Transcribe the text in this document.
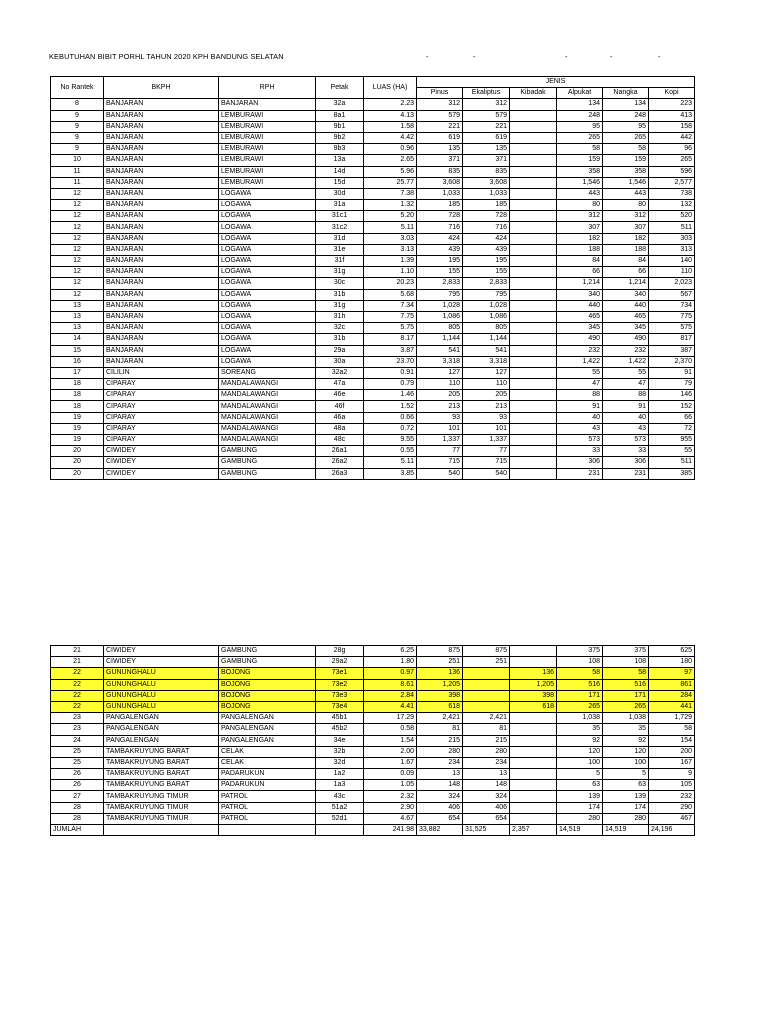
KEBUTUHAN BIBIT PORHL TAHUN 2020 KPH BANDUNG SELATAN	-	-	-	-	-
No Rantek	BKPH	RPH	Petak	LUAS (HA)	JENIS					
					Pinus	Ekaliptus	Kibadak	Alpukat	Nangka	Kopi
8	BANJARAN	BANJARAN	32a	2.23	312	312		134	134	223
9	BANJARAN	LEMBURAWI	8a1	4.13	579	579		248	248	413
9	BANJARAN	LEMBURAWI	9b1	1.58	221	221		95	95	158
9	BANJARAN	LEMBURAWI	9b2	4.42	619	619		265	265	442
9	BANJARAN	LEMBURAWI	9b3	0.96	135	135		58	58	96
10	BANJARAN	LEMBURAWI	13a	2.65	371	371		159	159	265
11	BANJARAN	LEMBURAWI	14d	5.96	835	835		358	358	596
11	BANJARAN	LEMBURAWI	15d	25.77	3,608	3,608		1,546	1,546	2,577
12	BANJARAN	LOGAWA	30d	7.38	1,033	1,033		443	443	738
12	BANJARAN	LOGAWA	31a	1.32	185	185		80	80	132
12	BANJARAN	LOGAWA	31c1	5.20	728	728		312	312	520
12	BANJARAN	LOGAWA	31c2	5.11	716	716		307	307	511
12	BANJARAN	LOGAWA	31d	3.03	424	424		182	182	303
12	BANJARAN	LOGAWA	31e	3.13	439	439		188	188	313
12	BANJARAN	LOGAWA	31f	1.39	195	195		84	84	140
12	BANJARAN	LOGAWA	31g	1.10	155	155		66	66	110
12	BANJARAN	LOGAWA	30c	20.23	2,833	2,833		1,214	1,214	2,023
12	BANJARAN	LOGAWA	31b	5.68	795	795		340	340	567
13	BANJARAN	LOGAWA	31g	7.34	1,028	1,028		440	440	734
13	BANJARAN	LOGAWA	31h	7.75	1,086	1,086		465	465	775
13	BANJARAN	LOGAWA	32c	5.75	805	805		345	345	575
14	BANJARAN	LOGAWA	31b	8.17	1,144	1,144		490	490	817
15	BANJARAN	LOGAWA	29a	3.87	541	541		232	232	387
16	BANJARAN	LOGAWA	30a	23.70	3,318	3,318		1,422	1,422	2,370
17	CILILIN	SOREANG	32a2	0.91	127	127		55	55	91
18	CIPARAY	MANDALAWANGI	47a	0.79	110	110		47	47	79
18	CIPARAY	MANDALAWANGI	46e	1.46	205	205		88	88	146
18	CIPARAY	MANDALAWANGI	46f	1.52	213	213		91	91	152
19	CIPARAY	MANDALAWANGI	46a	0.66	93	93		40	40	66
19	CIPARAY	MANDALAWANGI	48a	0.72	101	101		43	43	72
19	CIPARAY	MANDALAWANGI	48c	9.55	1,337	1,337		573	573	955
20	CIWIDEY	GAMBUNG	26a1	0.55	77	77		33	33	55
20	CIWIDEY	GAMBUNG	26a2	5.11	715	715		306	306	511
20	CIWIDEY	GAMBUNG	26a3	3.85	540	540		231	231	385
21	CIWIDEY	GAMBUNG	28g	6.25	875	875		375	375	625
21	CIWIDEY	GAMBUNG	29a2	1.80	251	251		108	108	180
22	GUNUNGHALU	BOJONG	73e1	0.97	136		136	58	58	97
22	GUNUNGHALU	BOJONG	73e2	8.61	1,205		1,205	516	516	861
22	GUNUNGHALU	BOJONG	73e3	2.84	398		398	171	171	284
22	GUNUNGHALU	BOJONG	73e4	4.41	618		618	265	265	441
23	PANGALENGAN	PANGALENGAN	45b1	17.29	2,421	2,421		1,038	1,038	1,729
23	PANGALENGAN	PANGALENGAN	45b2	0.58	81	81		35	35	58
24	PANGALENGAN	PANGALENGAN	34e	1.54	215	215		92	92	154
25	TAMBAKRUYUNG BARAT	CELAK	32b	2.00	280	280		120	120	200
25	TAMBAKRUYUNG BARAT	CELAK	32d	1.67	234	234		100	100	167
26	TAMBAKRUYUNG BARAT	PADARUKUN	1a2	0.09	13	13		5	5	9
26	TAMBAKRUYUNG BARAT	PADARUKUN	1a3	1.05	148	148		63	63	105
27	TAMBAKRUYUNG TIMUR	PATROL	43c	2.32	324	324		139	139	232
28	TAMBAKRUYUNG TIMUR	PATROL	51a2	2.90	406	406		174	174	290
28	TAMBAKRUYUNG TIMUR	PATROL	52d1	4.67	654	654		280	280	467
JUMLAH				241.98	33,882	31,525	2,357	14,519	14,519	24,196
